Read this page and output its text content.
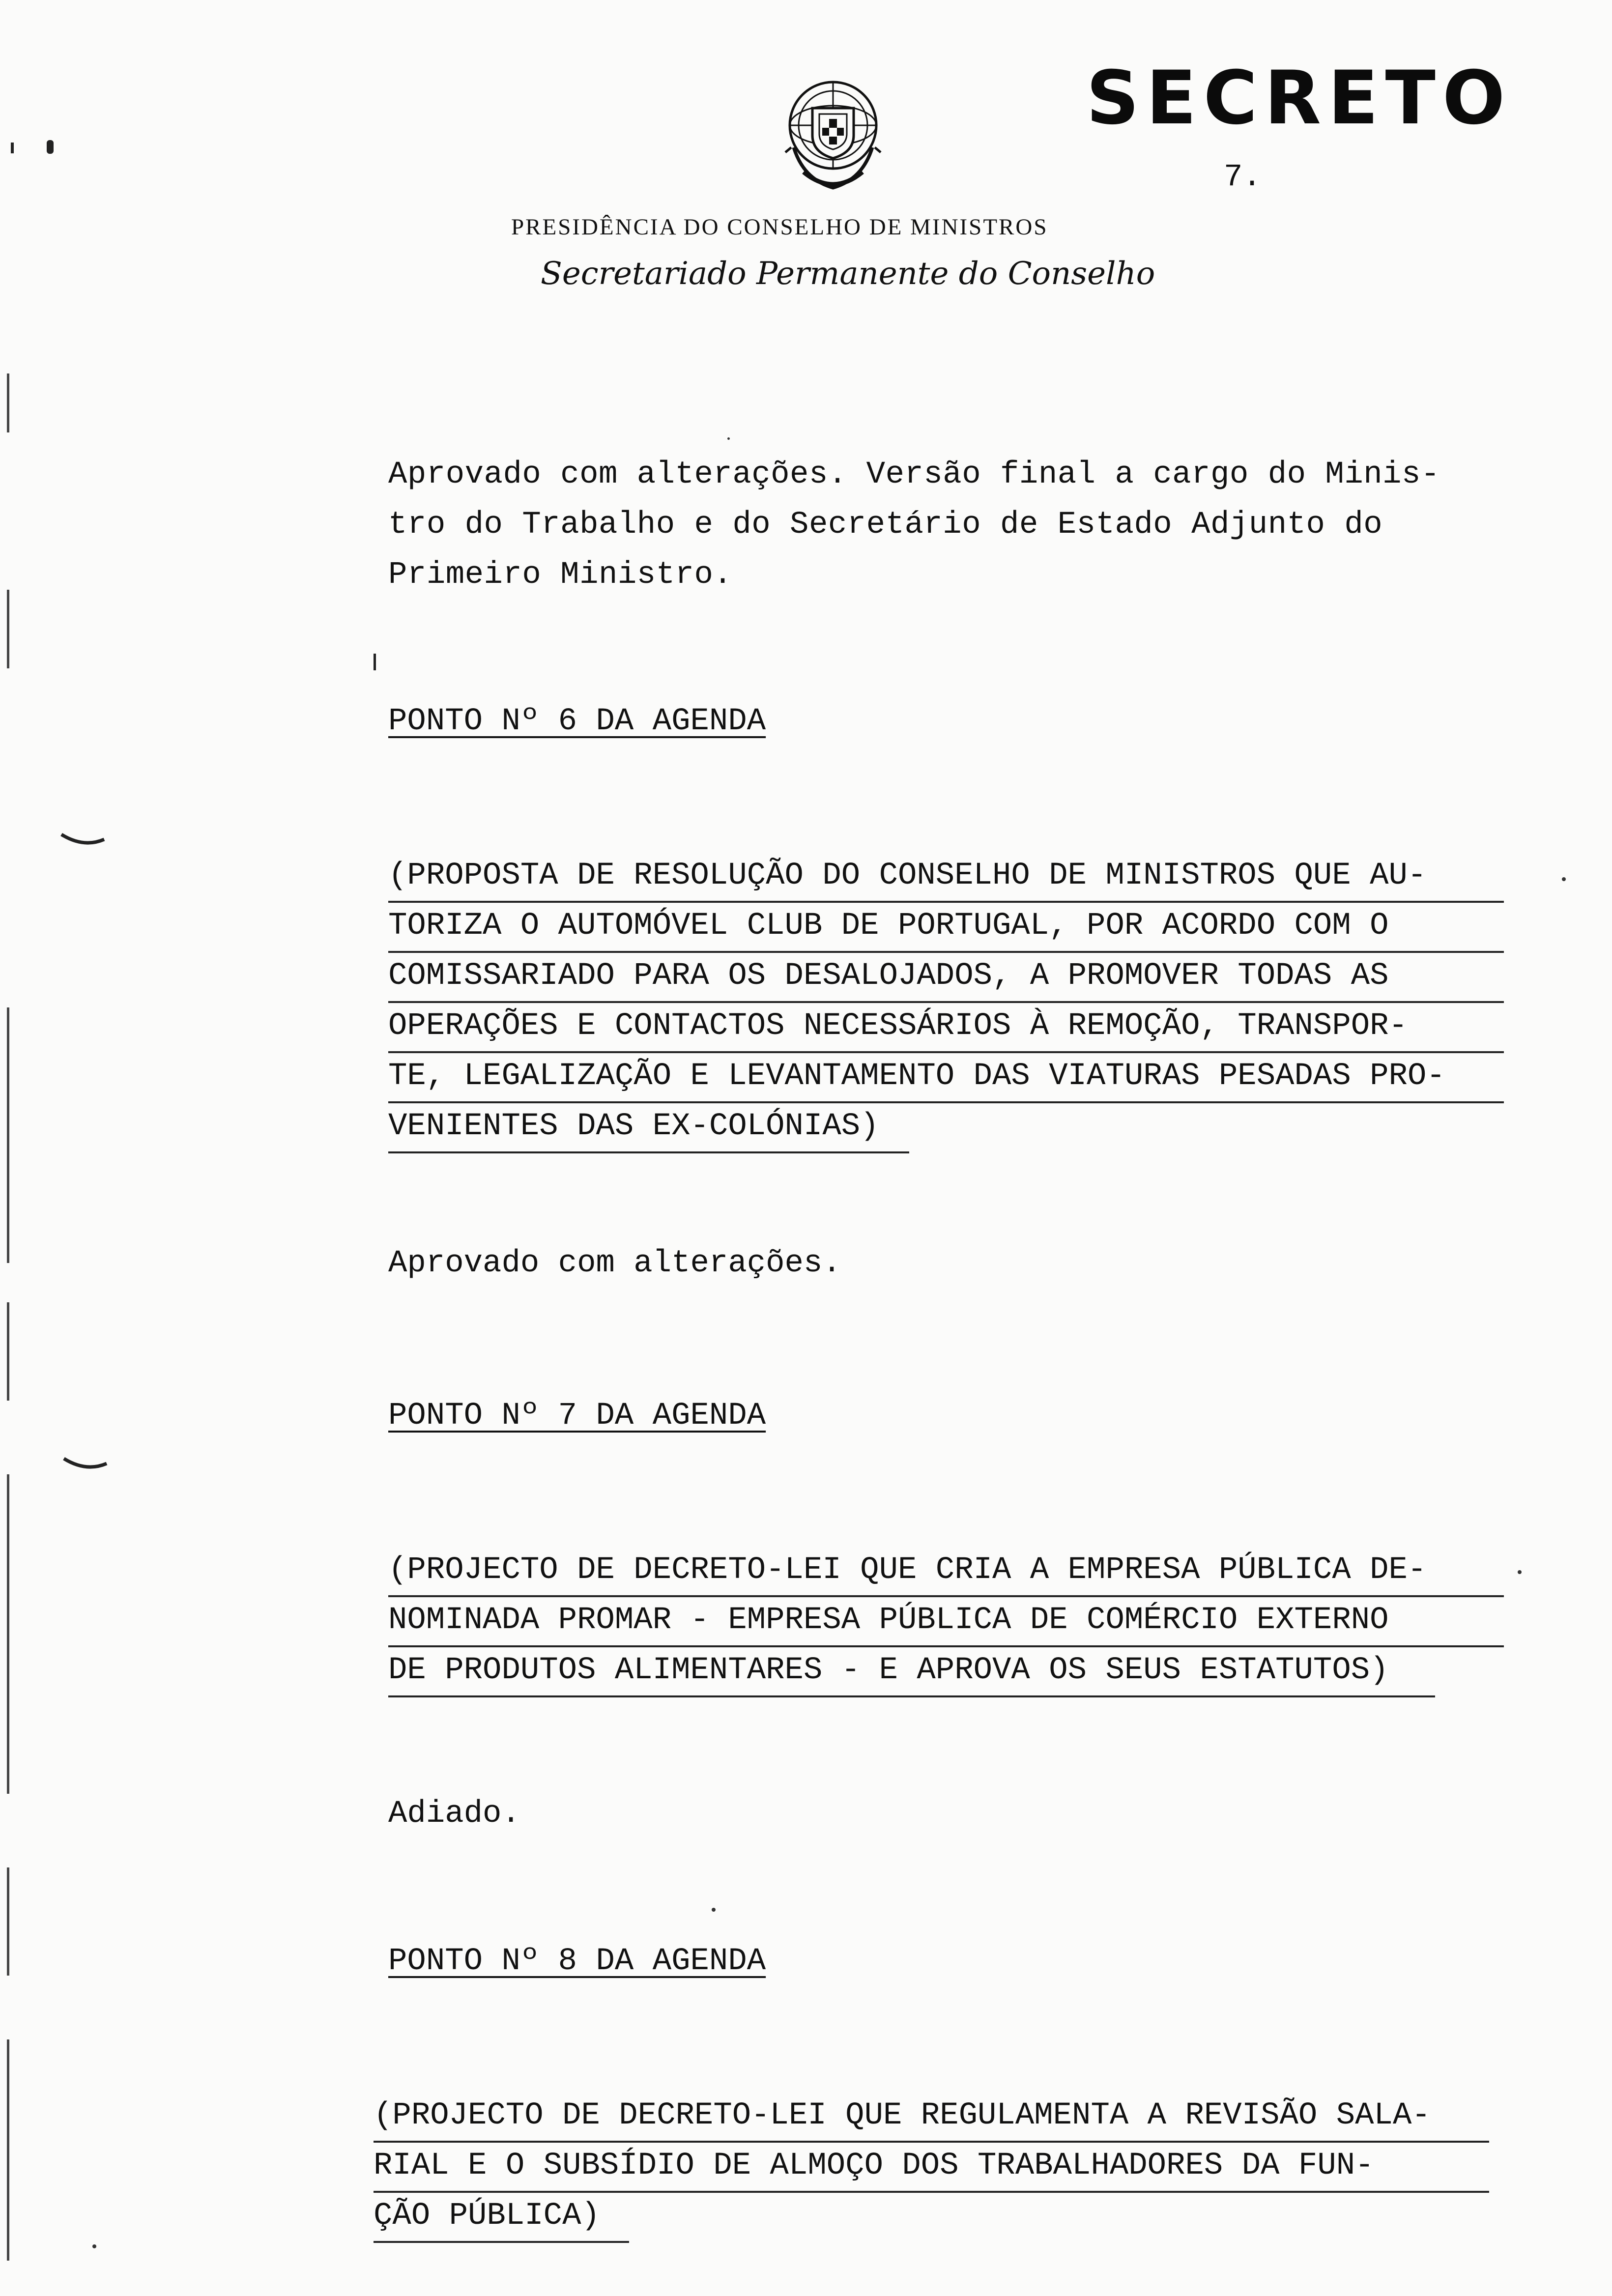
SECRETO
7.
PRESIDÊNCIA DO CONSELHO DE MINISTROS
Secretariado Permanente do Conselho
Aprovado com alterações. Versão final a cargo do Minis-
tro do Trabalho e do Secretário de Estado Adjunto do
Primeiro Ministro.
PONTO Nº 6 DA AGENDA
(PROPOSTA DE RESOLUÇÃO DO CONSELHO DE MINISTROS QUE AU-
TORIZA O AUTOMÓVEL CLUB DE PORTUGAL, POR ACORDO COM O
COMISSARIADO PARA OS DESALOJADOS, A PROMOVER TODAS AS
OPERAÇÕES E CONTACTOS NECESSÁRIOS À REMOÇÃO, TRANSPOR-
TE, LEGALIZAÇÃO E LEVANTAMENTO DAS VIATURAS PESADAS PRO-
VENIENTES DAS EX-COLÓNIAS)
Aprovado com alterações.
PONTO Nº 7 DA AGENDA
(PROJECTO DE DECRETO-LEI QUE CRIA A EMPRESA PÚBLICA DE-
NOMINADA PROMAR - EMPRESA PÚBLICA DE COMÉRCIO EXTERNO
DE PRODUTOS ALIMENTARES - E APROVA OS SEUS ESTATUTOS)
Adiado.
PONTO Nº 8 DA AGENDA
(PROJECTO DE DECRETO-LEI QUE REGULAMENTA A REVISÃO SALA-
RIAL E O SUBSÍDIO DE ALMOÇO DOS TRABALHADORES DA FUN-
ÇÃO PÚBLICA)
